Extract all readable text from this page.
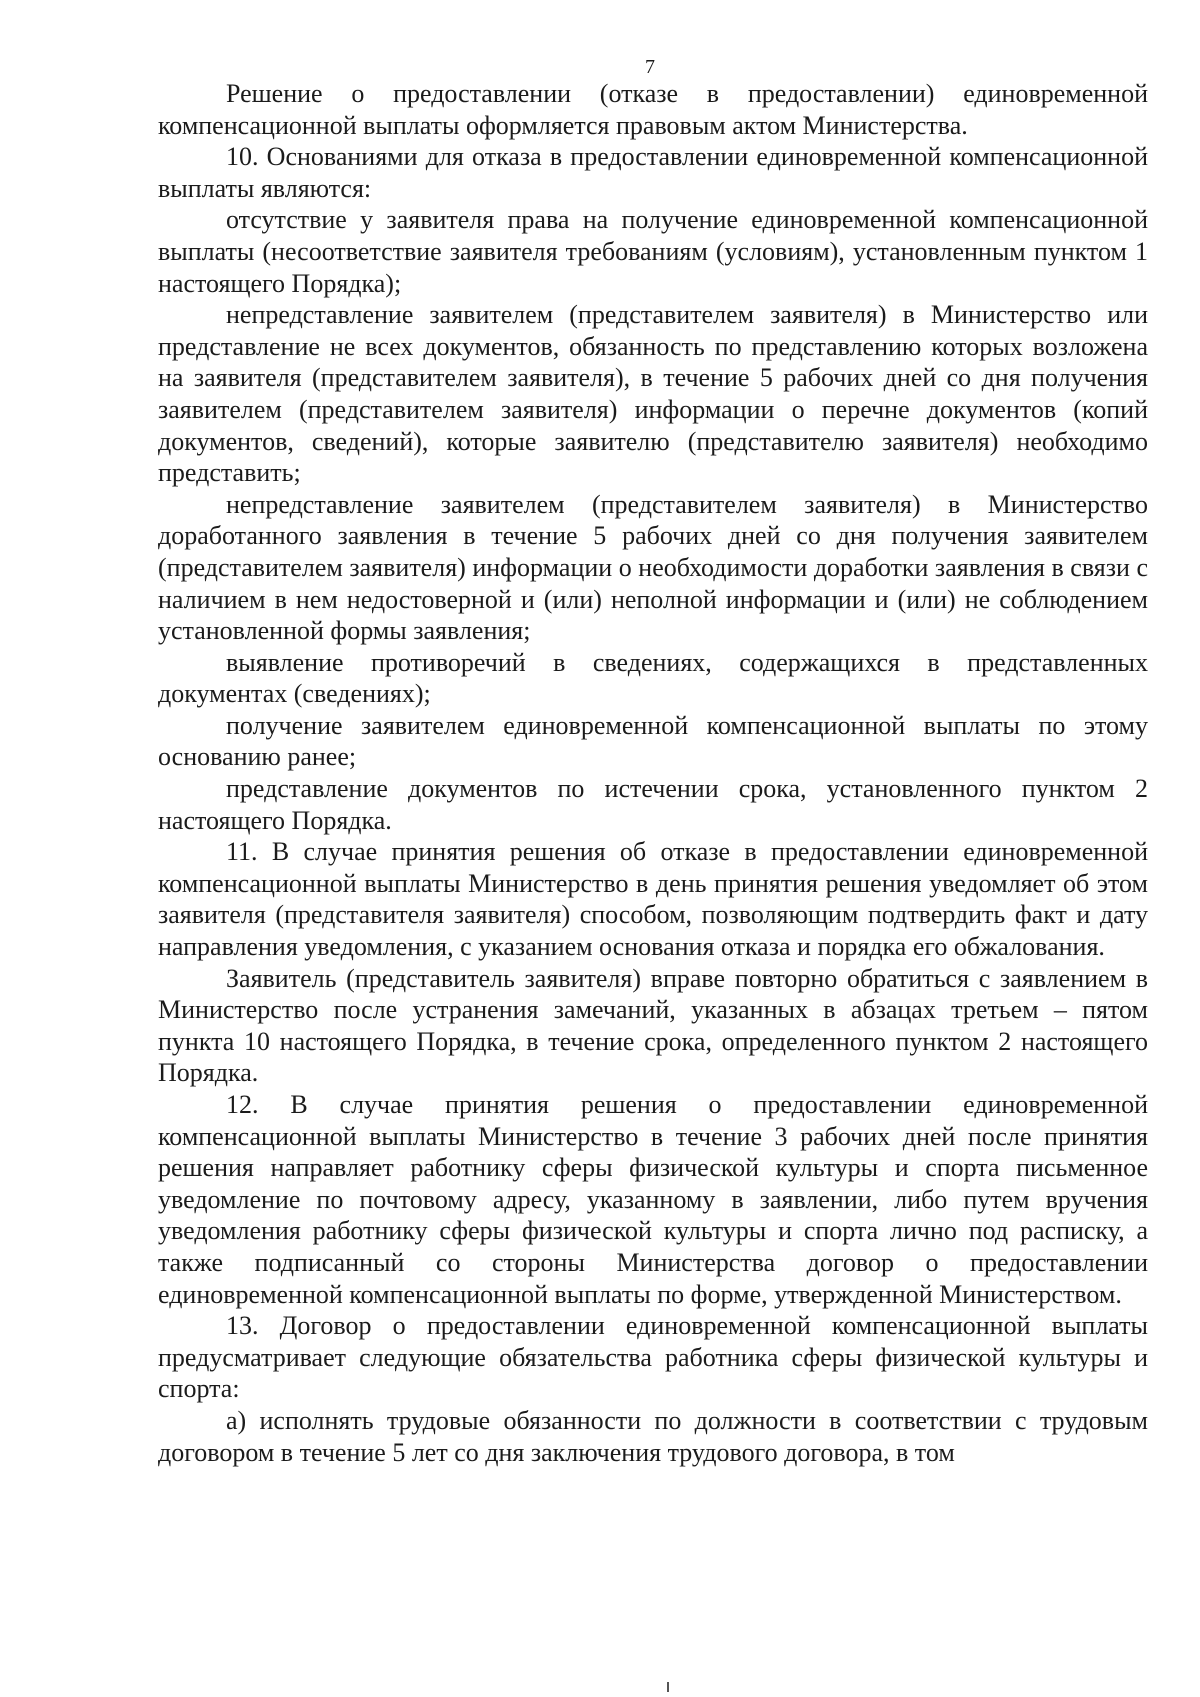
7

Решение о предоставлении (отказе в предоставлении) единовременной компенсационной выплаты оформляется правовым актом Министерства.

10. Основаниями для отказа в предоставлении единовременной компенсационной выплаты являются:

отсутствие у заявителя права на получение единовременной компенсационной выплаты (несоответствие заявителя требованиям (условиям), установленным пунктом 1 настоящего Порядка);

непредставление заявителем (представителем заявителя) в Министерство или представление не всех документов, обязанность по представлению которых возложена на заявителя (представителем заявителя), в течение 5 рабочих дней со дня получения заявителем (представителем заявителя) информации о перечне документов (копий документов, сведений), которые заявителю (представителю заявителя) необходимо представить;

непредставление заявителем (представителем заявителя) в Министерство доработанного заявления в течение 5 рабочих дней со дня получения заявителем (представителем заявителя) информации о необходимости доработки заявления в связи с наличием в нем недостоверной и (или) неполной информации и (или) не соблюдением установленной формы заявления;

выявление противоречий в сведениях, содержащихся в представленных документах (сведениях);

получение заявителем единовременной компенсационной выплаты по этому основанию ранее;

представление документов по истечении срока, установленного пунктом 2 настоящего Порядка.

11. В случае принятия решения об отказе в предоставлении единовременной компенсационной выплаты Министерство в день принятия решения уведомляет об этом заявителя (представителя заявителя) способом, позволяющим подтвердить факт и дату направления уведомления, с указанием основания отказа и порядка его обжалования.

Заявитель (представитель заявителя) вправе повторно обратиться с заявлением в Министерство после устранения замечаний, указанных в абзацах третьем – пятом пункта 10 настоящего Порядка, в течение срока, определенного пунктом 2 настоящего Порядка.

12. В случае принятия решения о предоставлении единовременной компенсационной выплаты Министерство в течение 3 рабочих дней после принятия решения направляет работнику сферы физической культуры и спорта письменное уведомление по почтовому адресу, указанному в заявлении, либо путем вручения уведомления работнику сферы физической культуры и спорта лично под расписку, а также подписанный со стороны Министерства договор о предоставлении единовременной компенсационной выплаты по форме, утвержденной Министерством.

13. Договор о предоставлении единовременной компенсационной выплаты предусматривает следующие обязательства работника сферы физической культуры и спорта:

а) исполнять трудовые обязанности по должности в соответствии с трудовым договором в течение 5 лет со дня заключения трудового договора, в том
